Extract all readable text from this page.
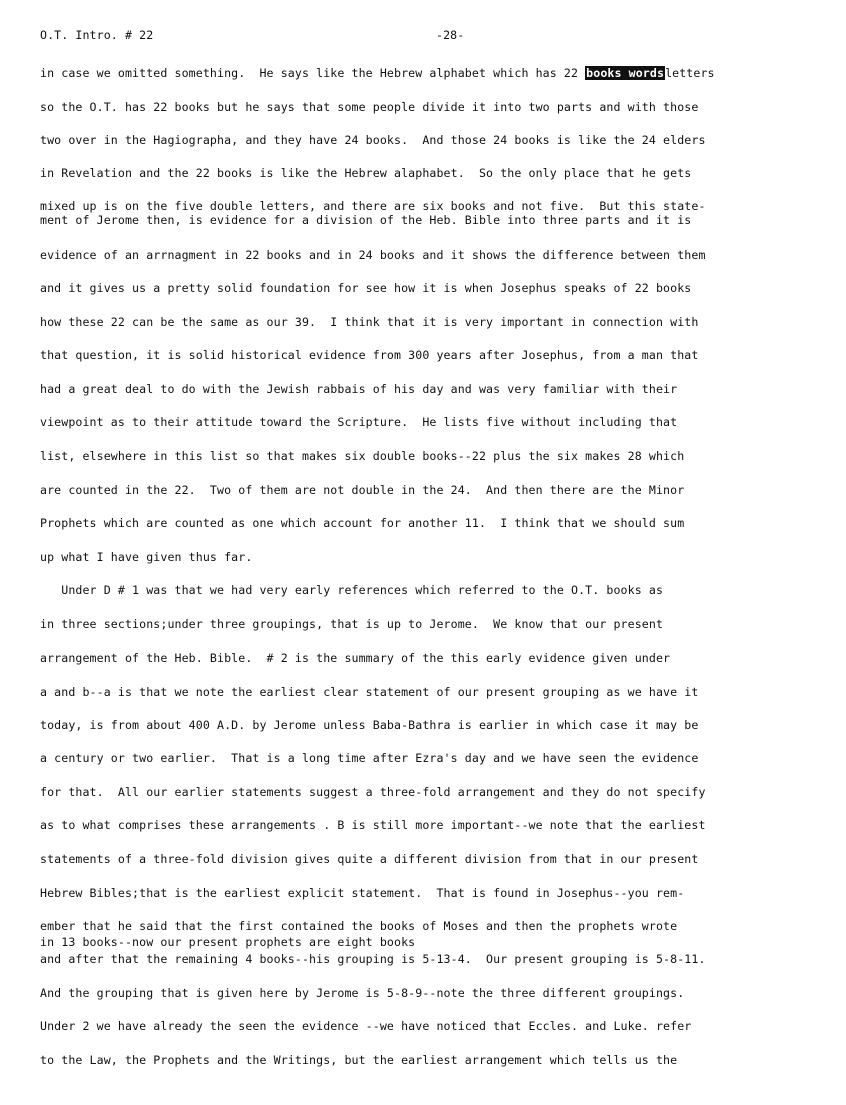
O.T. Intro. # 22	-28-
in case we omitted something.  He says like the Hebrew alphabet which has 22 books wordsletters
so the O.T. has 22 books but he says that some people divide it into two parts and with those
two over in the Hagiographa, and they have 24 books.  And those 24 books is like the 24 elders
in Revelation and the 22 books is like the Hebrew alaphabet.  So the only place that he gets
mixed up is on the five double letters, and there are six books and not five.  But this state-
ment of Jerome then, is evidence for a division of the Heb. Bible into three parts and it is
evidence of an arrnagment in 22 books and in 24 books and it shows the difference between them
and it gives us a pretty solid foundation for see how it is when Josephus speaks of 22 books
how these 22 can be the same as our 39.  I think that it is very important in connection with
that question, it is solid historical evidence from 300 years after Josephus, from a man that
had a great deal to do with the Jewish rabbais of his day and was very familiar with their
viewpoint as to their attitude toward the Scripture.  He lists five without including that
list, elsewhere in this list so that makes six double books--22 plus the six makes 28 which
are counted in the 22.  Two of them are not double in the 24.  And then there are the Minor
Prophets which are counted as one which account for another 11.  I think that we should sum
up what I have given thus far.
Under D # 1 was that we had very early references which referred to the O.T. books as
in three sections;under three groupings, that is up to Jerome.  We know that our present
arrangement of the Heb. Bible.  # 2 is the summary of the this early evidence given under
a and b--a is that we note the earliest clear statement of our present grouping as we have it
today, is from about 400 A.D. by Jerome unless Baba-Bathra is earlier in which case it may be
a century or two earlier.  That is a long time after Ezra's day and we have seen the evidence
for that.  All our earlier statements suggest a three-fold arrangement and they do not specify
as to what comprises these arrangements . B is still more important--we note that the earliest
statements of a three-fold division gives quite a different division from that in our present
Hebrew Bibles;that is the earliest explicit statement.  That is found in Josephus--you rem-
ember that he said that the first contained the books of Moses and then the prophets wrote
in 13 books--now our present prophets are eight books
and after that the remaining 4 books--his grouping is 5-13-4.  Our present grouping is 5-8-11.
And the grouping that is given here by Jerome is 5-8-9--note the three different groupings.
Under 2 we have already the seen the evidence --we have noticed that Eccles. and Luke. refer
to the Law, the Prophets and the Writings, but the earliest arrangement which tells us the
